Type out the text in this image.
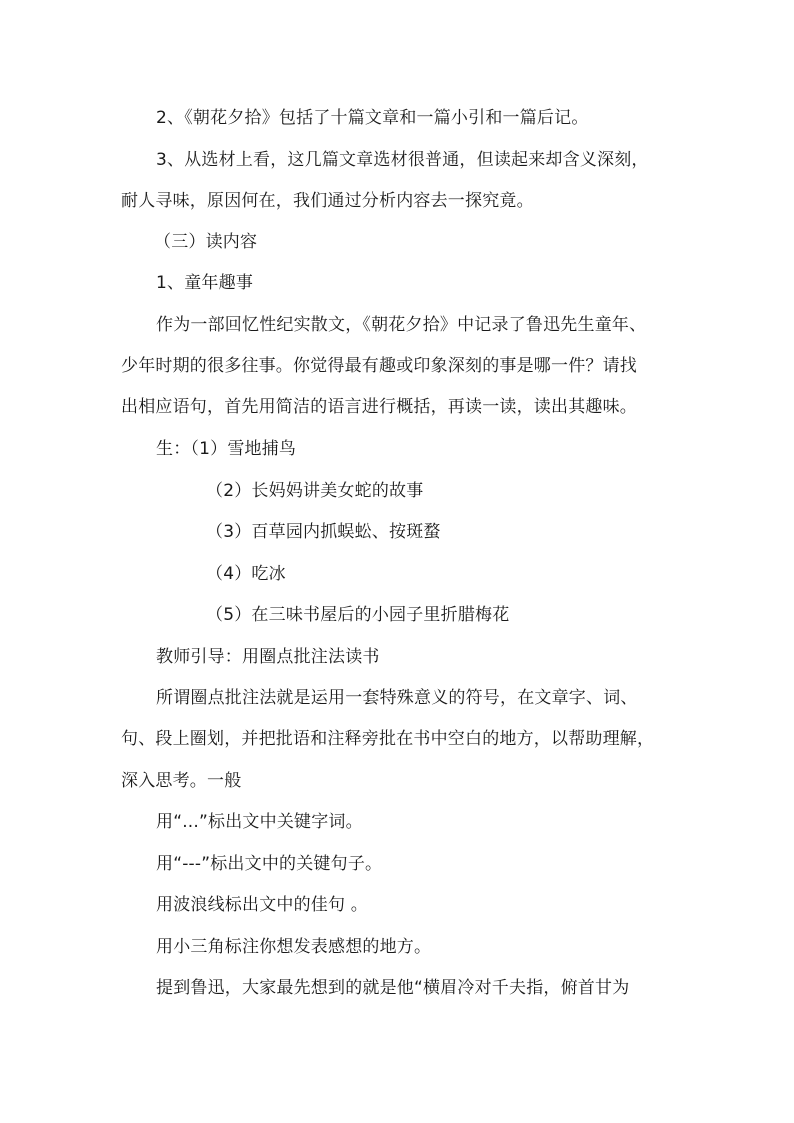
2、《朝花夕拾》包括了十篇文章和一篇小引和一篇后记。
3、从选材上看，这几篇文章选材很普通，但读起来却含义深刻，
耐人寻味，原因何在，我们通过分析内容去一探究竟。
（三）读内容
1、童年趣事
作为一部回忆性纪实散文，《朝花夕拾》中记录了鲁迅先生童年、
少年时期的很多往事。你觉得最有趣或印象深刻的事是哪一件？请找
出相应语句，首先用简洁的语言进行概括，再读一读，读出其趣味。
生：（1）雪地捕鸟
（2）长妈妈讲美女蛇的故事
（3）百草园内抓蜈蚣、按斑蝥
（4）吃冰
（5）在三味书屋后的小园子里折腊梅花
教师引导：用圈点批注法读书
所谓圈点批注法就是运用一套特殊意义的符号，在文章字、词、
句、段上圈划，并把批语和注释旁批在书中空白的地方，以帮助理解，
深入思考。一般
用“...”标出文中关键字词。
用“---”标出文中的关键句子。
用波浪线标出文中的佳句 。
用小三角标注你想发表感想的地方。
提到鲁迅，大家最先想到的就是他“横眉冷对千夫指，俯首甘为
